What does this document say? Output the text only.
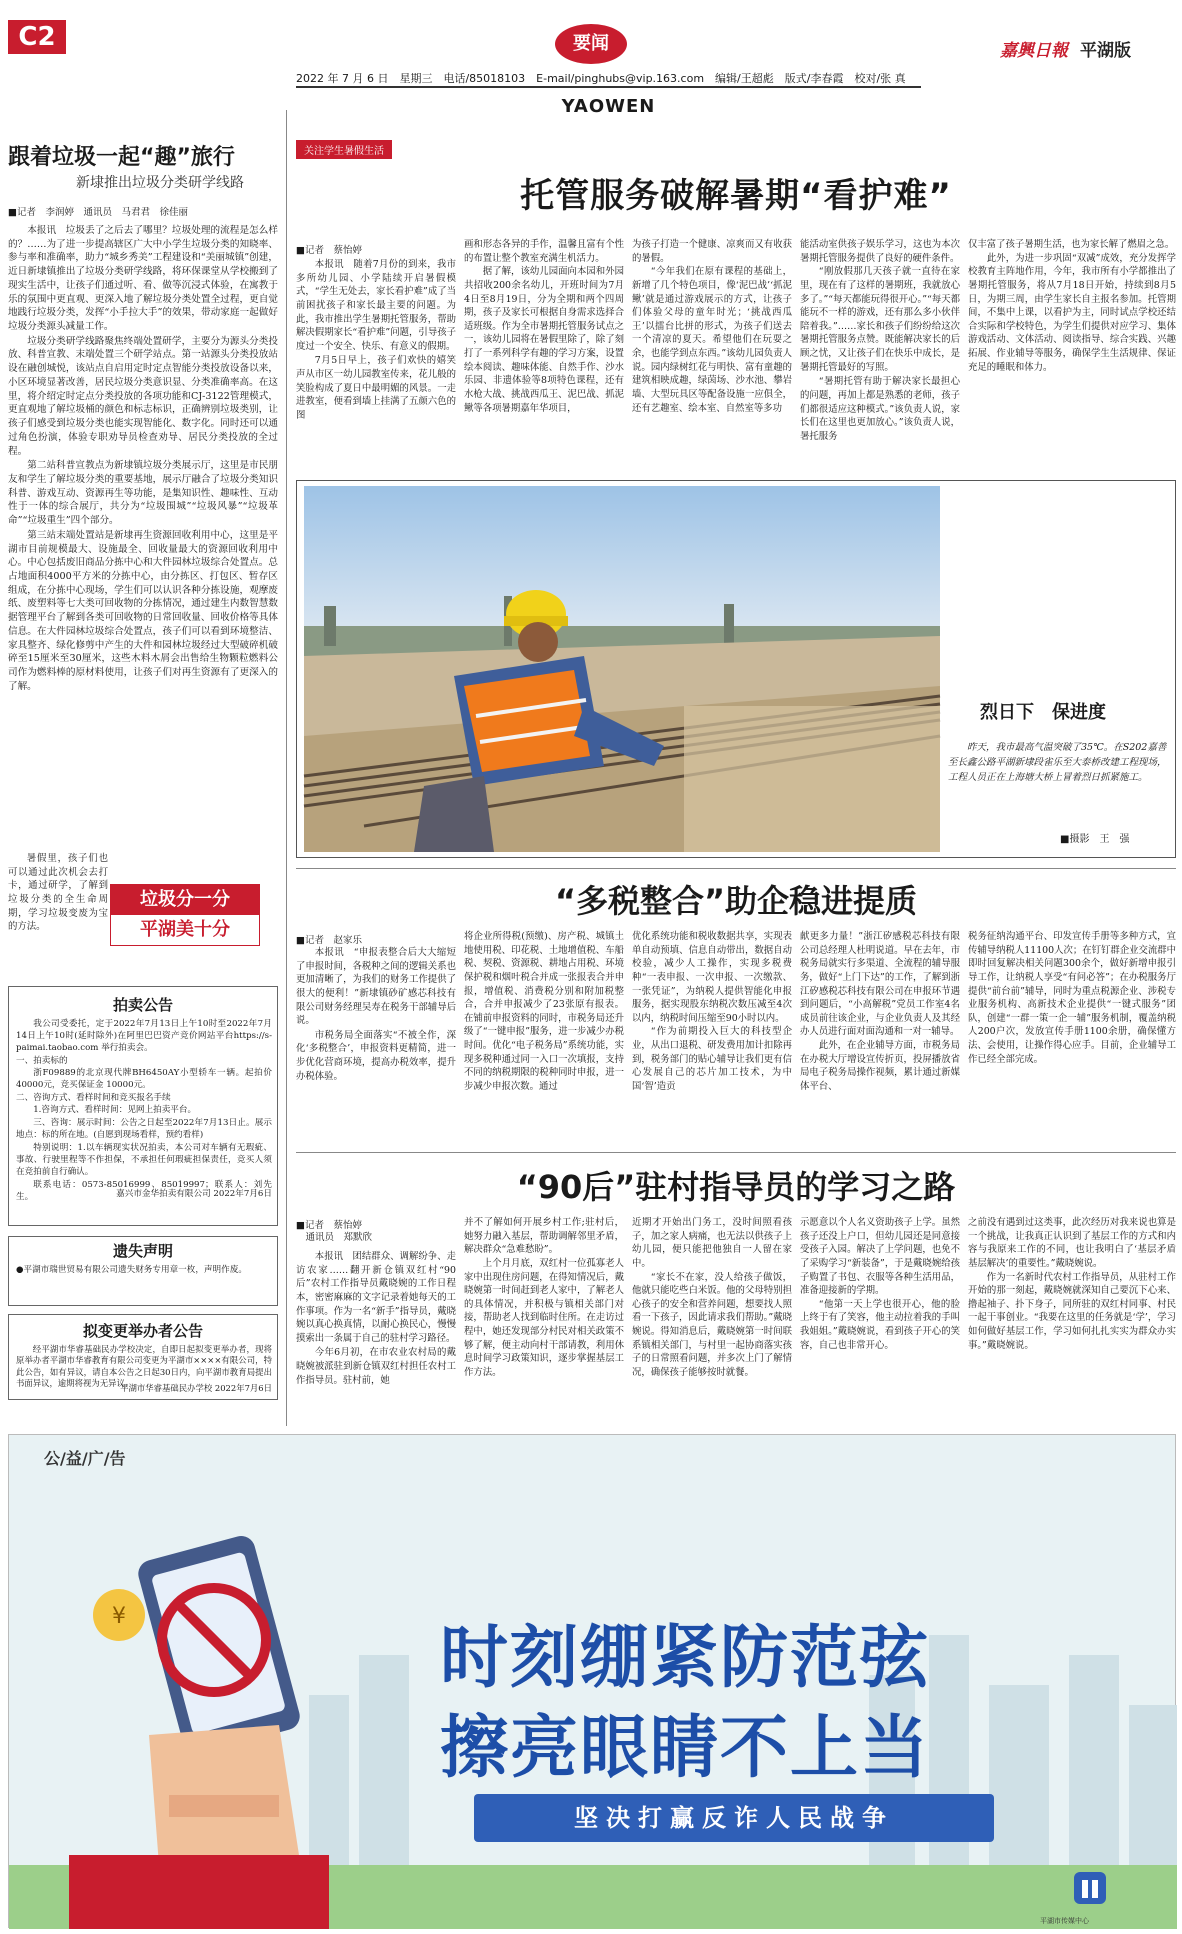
C2	要闻	嘉興日報 平湖版
2022 年 7 月 6 日　星期三　电话/85018103　E-mail/pinghubs@vip.163.com　编辑/王超彪　版式/李春霞　校对/张 真
YAOWEN
跟着垃圾一起“趣”旅行
新埭推出垃圾分类研学线路
■记者　李润婷　通讯员　马君君　徐佳丽

本报讯　垃圾丢了之后去了哪里？垃圾处理的流程是怎么样的？……为了进一步提高辖区广大中小学生垃圾分类的知晓率、参与率和准确率，助力“城乡秀美”工程建设和“美丽城镇”创建，近日新埭镇推出了垃圾分类研学线路，将环保课堂从学校搬到了现实生活中，让孩子们通过听、看、做等沉浸式体验，在寓教于乐的氛围中更直观、更深入地了解垃圾分类处置全过程，更自觉地践行垃圾分类，发挥“小手拉大手”的效果，带动家庭一起做好垃圾分类源头减量工作。

垃圾分类研学线路聚焦终端处置研学，主要分为源头分类投放、科普宣教、末端处置三个研学站点。第一站源头分类投放站设在融创城悦，该站点自启用定时定点智能分类投放设备以来，小区环境显著改善，居民垃圾分类意识显、分类准确率高。在这里，将介绍定时定点分类投放的各项功能和CJ-3122管理模式，更直观地了解垃圾桶的颜色和标志标识，正确辨别垃圾类别，让孩子们感受到垃圾分类也能实现智能化、数字化。同时还可以通过角色扮演，体验专职劝导员检查劝导、居民分类投放的全过程。

第二站科普宣教点为新埭镇垃圾分类展示厅，这里是市民朋友和学生了解垃圾分类的重要基地，展示厅融合了垃圾分类知识科普、游戏互动、资源再生等功能，是集知识性、趣味性、互动性于一体的综合展厅，共分为“垃圾围城”“垃圾风暴”“垃圾革命”“垃圾重生”四个部分。

第三站末端处置站是新埭再生资源回收利用中心，这里是平湖市目前规模最大、设施最全、回收量最大的资源回收利用中心。中心包括废旧商品分拣中心和大件园林垃圾综合处置点。总占地面积4000平方米的分拣中心，由分拣区、打包区、暂存区组成，在分拣中心现场，学生们可以认识各种分拣设施，观摩废纸、废塑料等七大类可回收物的分拣情况，通过建生内数智慧数据管理平台了解到各类可回收物的日常回收量、回收价格等具体信息。在大件园林垃圾综合处置点，孩子们可以看到环境整洁、家具整齐、绿化修剪中产生的大件和园林垃圾经过大型破碎机破碎至15厘米至30厘米，这些木料木屑会出售给生物颗粒燃料公司作为燃料棒的原材料使用，让孩子们对再生资源有了更深入的了解。

暑假里，孩子们也可以通过此次机会去打卡，通过研学，了解到垃圾分类的全生命周期，学习垃圾变废为宝的方法。

垃圾分一分
平湖美十分
拍卖公告

我公司受委托，定于2022年7月13日上午10时至2022年7月14日上午10时(延时除外)在阿里巴巴资产竞价网站平台https://s-paimai.taobao.com 举行拍卖会。

一、拍卖标的

浙F09889的北京现代牌BH6450AY小型轿车一辆。起拍价40000元，竞买保证金 10000元。

二、咨询方式、看样时间和竞买报名手续

1.咨询方式、看样时间：见网上拍卖平台。

三、咨询：展示时间：公告之日起至2022年7月13日止。展示地点：标的所在地。(自愿到现场看样，预约看样)

特别说明：1.以车辆现实状况拍卖，本公司对车辆有无瑕疵、事故、行驶里程等不作担保，不承担任何瑕疵担保责任，竞买人须在竞拍前自行确认。

联系电话：0573-85016999、85019997；联系人：刘先生。	嘉兴市金华拍卖有限公司 2022年7月6日
遗失声明
●平湖市瑞世贸易有限公司遗失财务专用章一枚，声明作废。
拟变更举办者公告

经平湖市华睿基础民办学校决定，自即日起拟变更举办者，现将原举办者平湖市华睿教育有限公司变更为平湖市××××有限公司，特此公告，如有异议，请自本公告之日起30日内，向平湖市教育局提出书面异议，逾期将视为无异议。

平湖市华睿基础民办学校 2022年7月6日
关注学生暑假生活
托管服务破解暑期“看护难”
■记者　蔡怡婷

本报讯　随着7月份的到来，我市多所幼儿园、小学陆续开启暑假模式，“学生无处去，家长看护难”成了当前困扰孩子和家长最主要的问题。为此，我市推出学生暑期托管服务，帮助解决假期家长“看护难”问题，引导孩子度过一个安全、快乐、有意义的假期。

7月5日早上，孩子们欢快的嬉笑声从市区一幼儿园教室传来，花儿般的笑脸构成了夏日中最明媚的风景。一走进教室，便看到墙上挂满了五颜六色的图

画和形态各异的手作，温馨且富有个性的布置让整个教室充满生机活力。

据了解，该幼儿园面向本园和外园共招收200余名幼儿，开班时间为7月4日至8月19日，分为全期和两个四周期，孩子及家长可根据自身需求选择合适班级。作为全市暑期托管服务试点之一，该幼儿园将在暑假里除了，除了刻打了一系列科学有趣的学习方案，设置绘本阅读、趣味体能、自然手作、沙水乐园、非遗体验等8项特色课程，还有水枪大战、挑战西瓜王、泥巴战、抓泥鳅等各项暑期嘉年华项目，

为孩子打造一个健康、凉爽而又有收获的暑假。

“今年我们在原有课程的基础上，新增了几个特色项目，像‘泥巴战’‘抓泥鳅’就是通过游戏展示的方式，让孩子们体验父母的童年时光；‘挑战西瓜王’以擂台比拼的形式，为孩子们送去一个清凉的夏天。希望他们在玩耍之余，也能学到点东西。”该幼儿园负责人说。园内绿树红花与明快、富有童趣的建筑相映成趣，绿茵场、沙水池、攀岩墙、大型玩具区等配备设施一应俱全，还有艺趣室、绘本室、自然室等多功

能活动室供孩子娱乐学习，这也为本次暑期托管服务提供了良好的硬件条件。

“刚放假那几天孩子就一直待在家里，现在有了这样的暑期班，我就放心多了。”“每天都能玩得很开心。”“每天都能玩不一样的游戏，还有那么多小伙伴陪着我。”……家长和孩子们纷纷给这次暑期托管服务点赞。既能解决家长的后顾之忧，又让孩子们在快乐中成长，是暑期托管最好的写照。

“暑期托管有助于解决家长最担心的问题，再加上都是熟悉的老师，孩子们都很适应这种模式。”该负责人说，家长们在这里也更加放心。”该负责人说，暑托服务

仅丰富了孩子暑期生活，也为家长解了燃眉之急。

此外，为进一步巩固“双减”成效，充分发挥学校教育主阵地作用，今年，我市所有小学都推出了暑期托管服务，将从7月18日开始，持续到8月5日，为期三周，由学生家长自主报名参加。托管期间，不集中上课，以看护为主，同时试点学校还结合实际和学校特色，为学生们提供对应学习、集体游戏活动、文体活动、阅读指导、综合实践、兴趣拓展、作业辅导等服务，确保学生生活规律、保证充足的睡眠和体力。

烈日下　保进度
昨天，我市最高气温突破了35℃。在S202嘉善至长鑫公路平湖新埭段雀乐至大泰桥改建工程现场，工程人员正在上海塘大桥上冒着烈日抓紧施工。
■摄影　王　强
“多税整合”助企稳进提质
■记者　赵家乐

本报讯　“申报表整合后大大缩短了申报时间，各税种之间的逻辑关系也更加清晰了，为我们的财务工作提供了很大的便利！”新埭镇砂矿感芯科技有限公司财务经理吴寿在税务干部辅导后说。

市税务局全面落实“不被全作，深化‘多税整合’，申报资料更精简，进一步优化营商环境，提高办税效率，提升办税体验。

将企业所得税(预缴)、房产税、城镇土地使用税、印花税、土地增值税、车船税、契税、资源税、耕地占用税、环境保护税和烟叶税合并成一张报表合并申报，增值税、消费税分别和附加税整合，合并申报减少了23张原有报表。在铺前申报资料的同时，市税务局还升级了“一键申报”服务，进一步减少办税时间。优化“电子税务局”系统功能，实现多税种通过同一入口一次填报，支持不同的纳税期限的税种同时申报，进一步减少申报次数。通过
优化系统功能和税收数据共享，实现表单自动预填、信息自动带出，数据自动校验，减少人工操作，实现多税费种“一表申报、一次申报、一次缴款、一张凭证”，为纳税人提供智能化申报服务，据实现股东纳税次数压减至4次以内，纳税时间压缩至90小时以内。

“作为前期投入巨大的科技型企业，从出口退税、研发费用加计扣除再到，税务部门的贴心辅导让我们更有信心发展自己的芯片加工技术，为中国‘智’造贡

献更多力量！”浙江矽感税芯科技有限公司总经理人杜明说道。早在去年，市税务局就实行多渠道、全流程的辅导服务，做好“上门下达”的工作，了解到浙江矽感税芯科技有限公司在申报环节遇到问题后，“小高解税”党员工作室4名成员前往该企业，与企业负责人及其经办人员进行面对面沟通和一对一辅导。

此外，在企业辅导方面，市税务局在办税大厅增设宣传折页，投屏播放省局电子税务局操作视频，累计通过新媒体平台、

税务征纳沟通平台、印发宣传手册等多种方式，宣传辅导纳税人11100人次；在钉钉群企业交流群中即时回复解决相关问题300余个，做好新增申报引导工作，让纳税人享受“有问必答”；在办税服务厅提供“前台前”辅导，同时为重点税源企业、涉税专业服务机构、高新技术企业提供“一键式服务”团队，创建“一群一策一企一辅”服务机制，覆盖纳税人200户次，发放宣传手册1100余册，确保懂方法、会使用，让操作得心应手。目前，企业辅导工作已经全部完成。
“90后”驻村指导员的学习之路
■记者　蔡怡婷
　通讯员　郑默欣

本报讯　团结群众、调解纷争、走访农家……翻开新仓镇双红村“90后”农村工作指导员戴晓婉的工作日程本，密密麻麻的文字记录着她每天的工作事项。作为一名“新手”指导员，戴晓婉以真心换真情，以耐心换民心，慢慢摸索出一条属于自己的驻村学习路径。

今年6月初，在市农业农村局的戴晓婉被派驻到新仓镇双红村担任农村工作指导员。驻村前，她

并不了解如何开展乡村工作;驻村后，她努力融入基层，帮助调解邻里矛盾，解决群众“急难愁盼”。

上个月月底，双红村一位孤寡老人家中出现住房问题，在得知情况后，戴晓婉第一时间赶到老人家中，了解老人的具体情况，并积极与镇相关部门对接，帮助老人找到临时住所。在走访过程中，她还发现部分村民对相关政策不够了解，便主动向村干部请教，利用休息时间学习政策知识，逐步掌握基层工作方法。

近期才开始出门务工，没时间照看孩子，加之家人病痛，也无法以供孩子上幼儿园，便只能把他独自一人留在家中。

“家长不在家，没人给孩子做饭，他就只能吃些白米饭。他的父母特别担心孩子的安全和营养问题，想要找人照看一下孩子，因此请求我们帮助。”戴晓婉说。得知消息后，戴晓婉第一时间联系镇相关部门，与村里一起协商落实孩子的日常照看问题，并多次上门了解情况，确保孩子能够按时就餐。

示愿意以个人名义资助孩子上学。虽然孩子还没上户口，但幼儿园还是同意接受孩子入园。解决了上学问题，也免不了采购学习“新装备”，于是戴晓婉给孩子购置了书包、衣服等各种生活用品，准备迎接新的学期。

“他第一天上学也很开心，他的脸上终于有了笑容，他主动拉着我的手叫我姐姐。”戴晓婉说，看到孩子开心的笑容，自己也非常开心。

之前没有遇到过这类事，此次经历对我来说也算是一个挑战，让我真正认识到了基层工作的方式和内容与我原来工作的不同，也让我明白了‘基层矛盾基层解决’的重要性。”戴晓婉说。

作为一名新时代农村工作指导员，从驻村工作开始的那一刻起，戴晓婉就深知自己要沉下心来、撸起袖子、扑下身子，同所驻的双红村同事、村民一起干事创业。“我要在这里的任务就是‘学’，学习如何做好基层工作，学习如何扎扎实实为群众办实事。”戴晓婉说。

¥
公/益/广/告
时刻绷紧防范弦
擦亮眼睛不上当
坚决打赢反诈人民战争
平湖市传媒中心
